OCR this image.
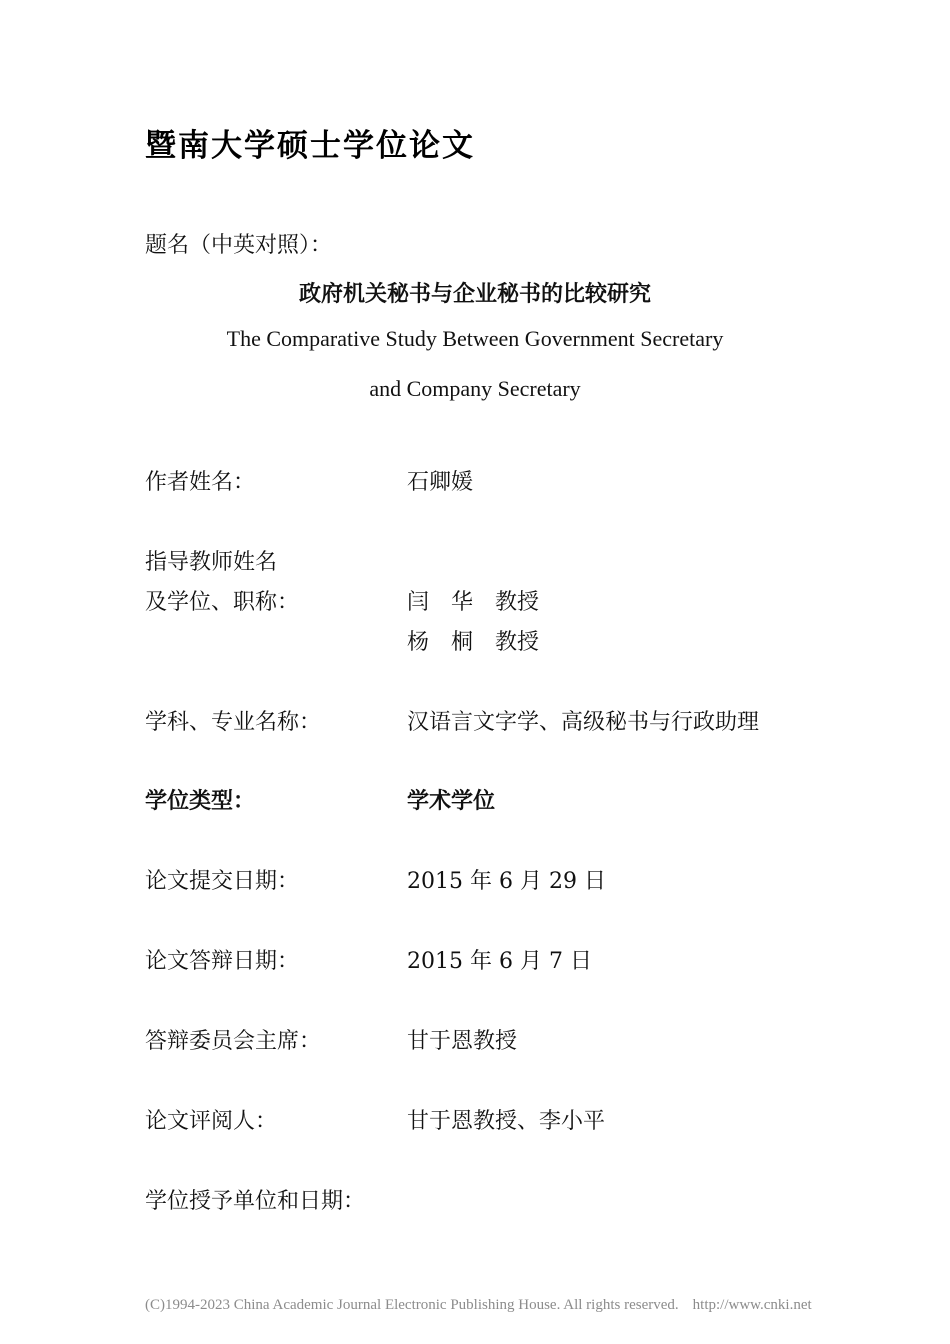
暨南大学硕士学位论文
题名（中英对照）：
政府机关秘书与企业秘书的比较研究
The Comparative Study Between Government Secretary
and Company Secretary
作者姓名：	石卿媛
指导教师姓名
及学位、职称：	闫　华　教授
杨　桐　教授
学科、专业名称：	汉语言文字学、高级秘书与行政助理
学位类型：	学术学位
论文提交日期：	2015 年 6 月 29 日
论文答辩日期：	2015 年 6 月 7 日
答辩委员会主席：	甘于恩教授
论文评阅人：	甘于恩教授、李小平
学位授予单位和日期：
(C)1994-2023 China Academic Journal Electronic Publishing House. All rights reserved. http://www.cnki.net
